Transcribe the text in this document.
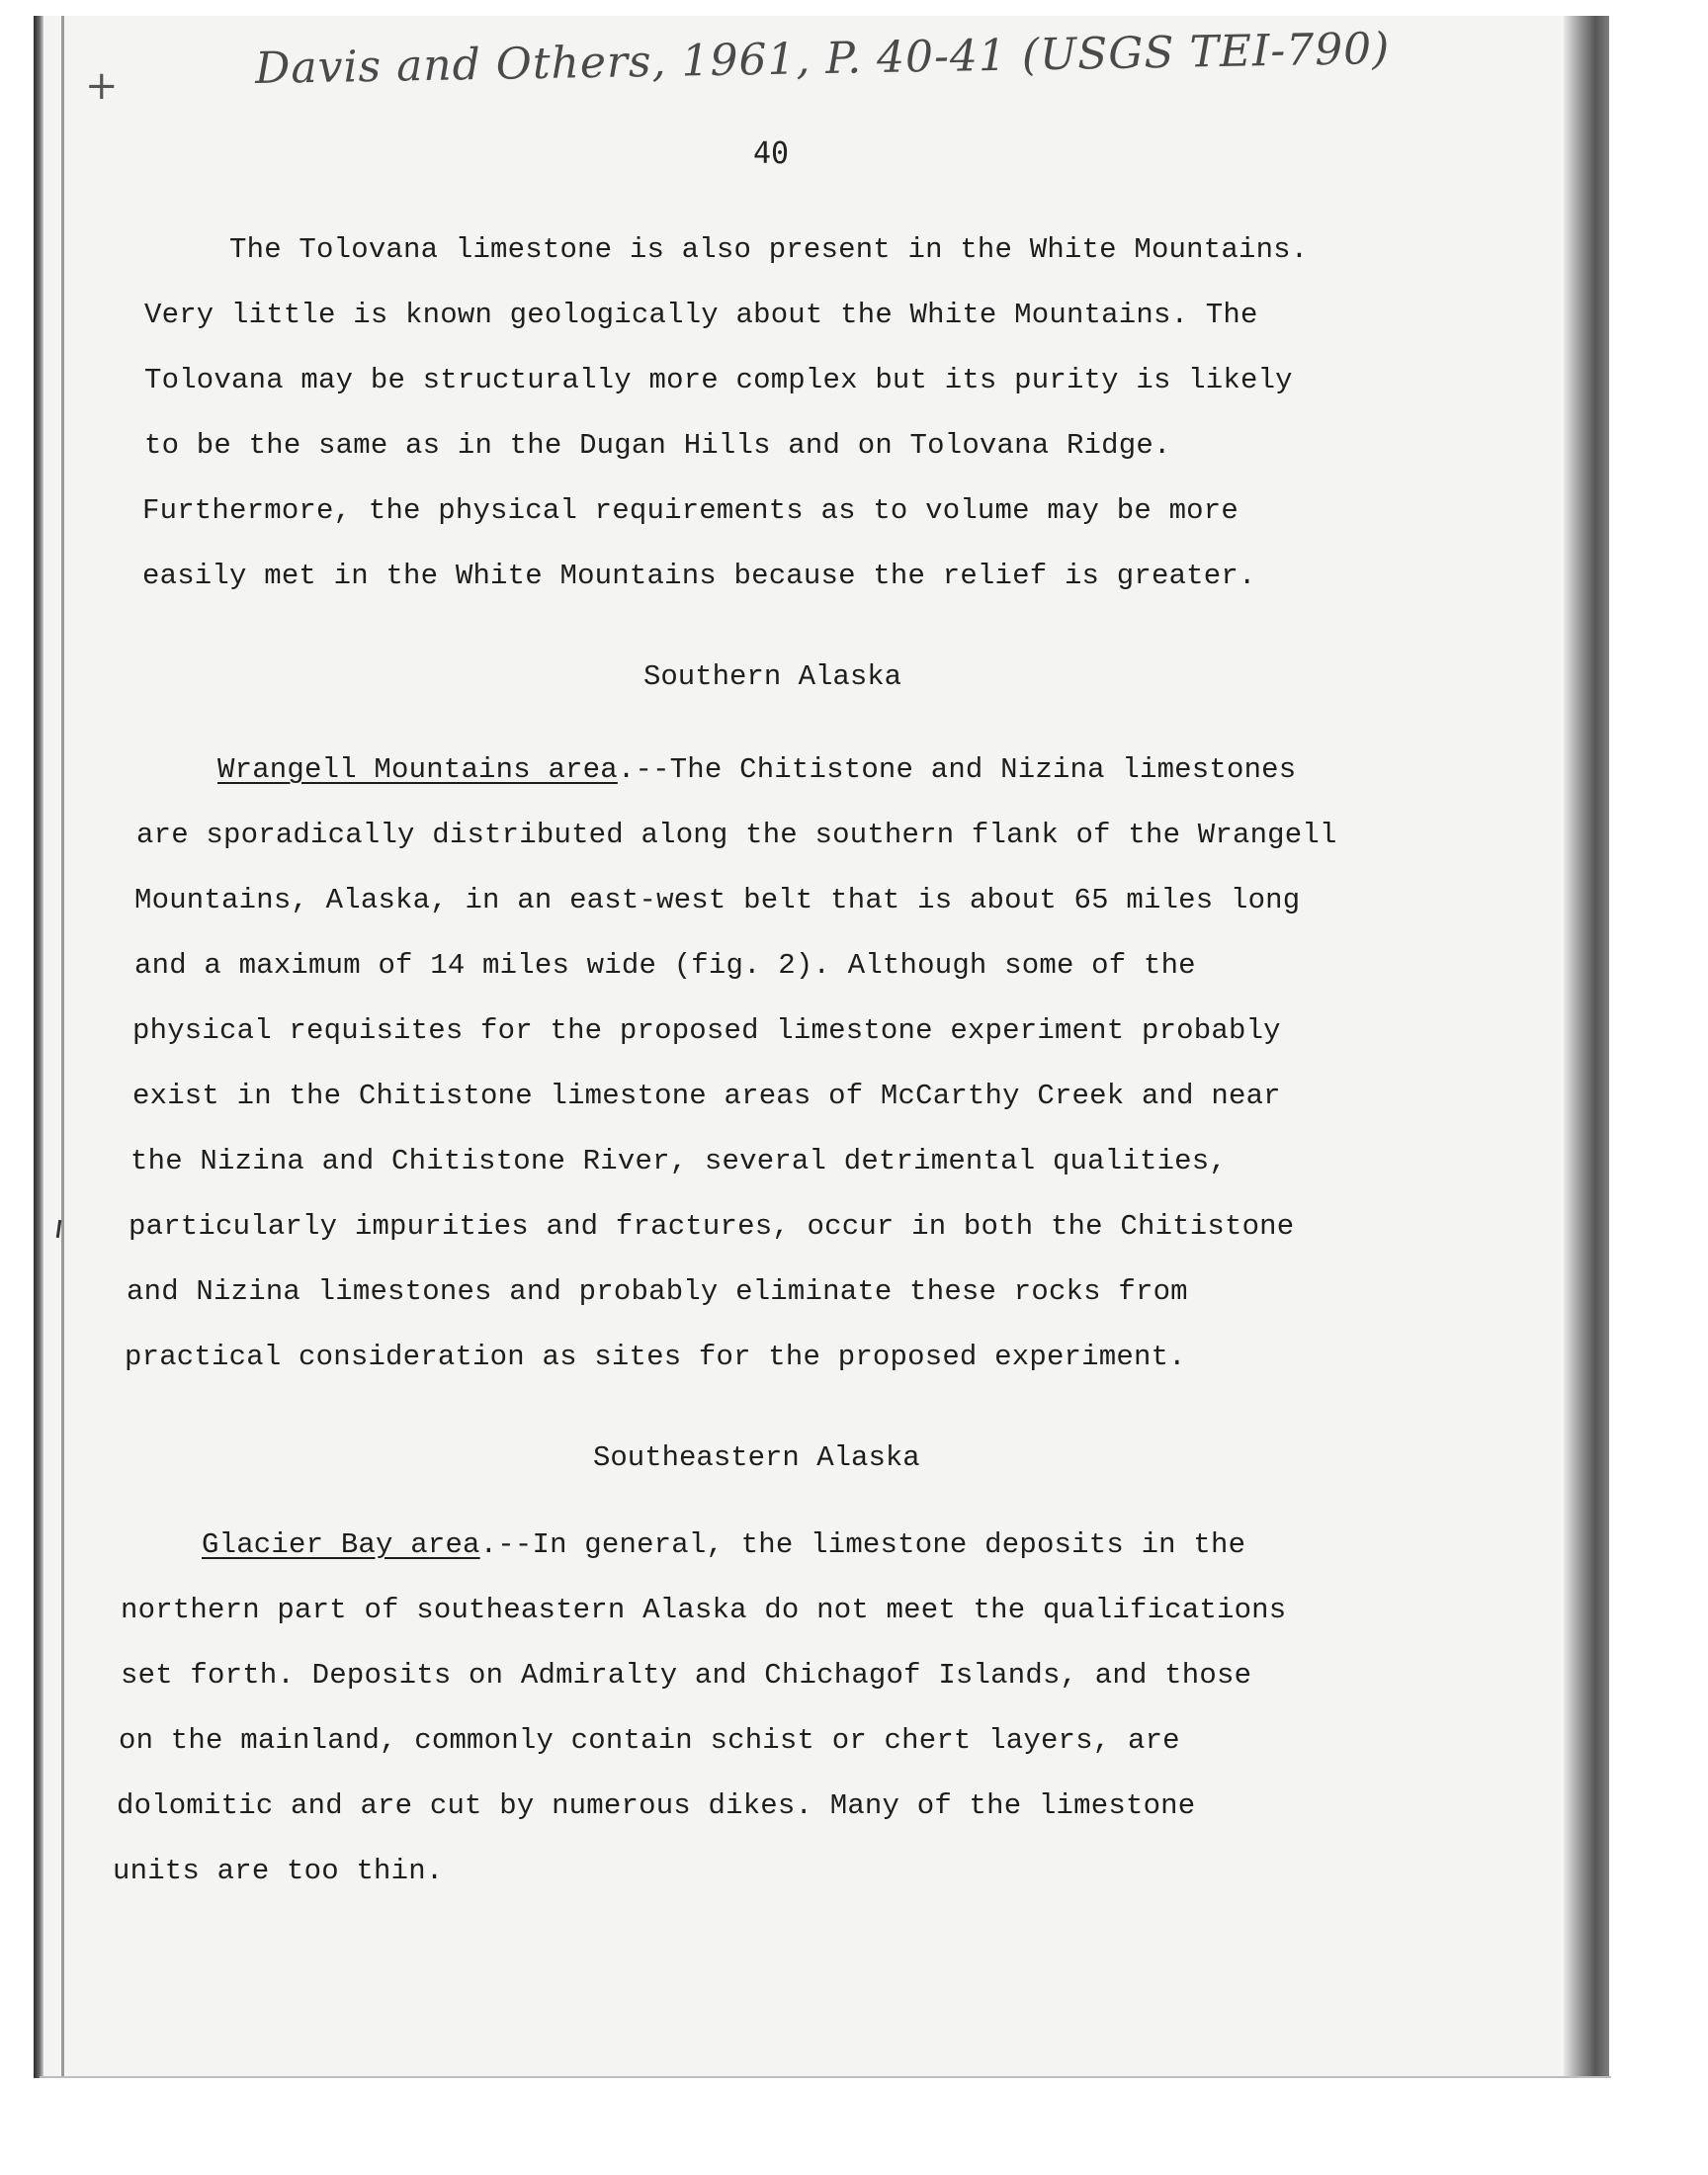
+	Davis and Others, 1961, P. 40-41 (USGS TEI-790)
40
The Tolovana limestone is also present in the White Mountains.
Very little is known geologically about the White Mountains. The
Tolovana may be structurally more complex but its purity is likely
to be the same as in the Dugan Hills and on Tolovana Ridge.
Furthermore, the physical requirements as to volume may be more
easily met in the White Mountains because the relief is greater.
Southern Alaska
Wrangell Mountains area.--The Chitistone and Nizina limestones
are sporadically distributed along the southern flank of the Wrangell
Mountains, Alaska, in an east-west belt that is about 65 miles long
and a maximum of 14 miles wide (fig. 2). Although some of the
physical requisites for the proposed limestone experiment probably
exist in the Chitistone limestone areas of McCarthy Creek and near
the Nizina and Chitistone River, several detrimental qualities,
particularly impurities and fractures, occur in both the Chitistone
and Nizina limestones and probably eliminate these rocks from
practical consideration as sites for the proposed experiment.
Southeastern Alaska
Glacier Bay area.--In general, the limestone deposits in the
northern part of southeastern Alaska do not meet the qualifications
set forth. Deposits on Admiralty and Chichagof Islands, and those
on the mainland, commonly contain schist or chert layers, are
dolomitic and are cut by numerous dikes. Many of the limestone
units are too thin.
